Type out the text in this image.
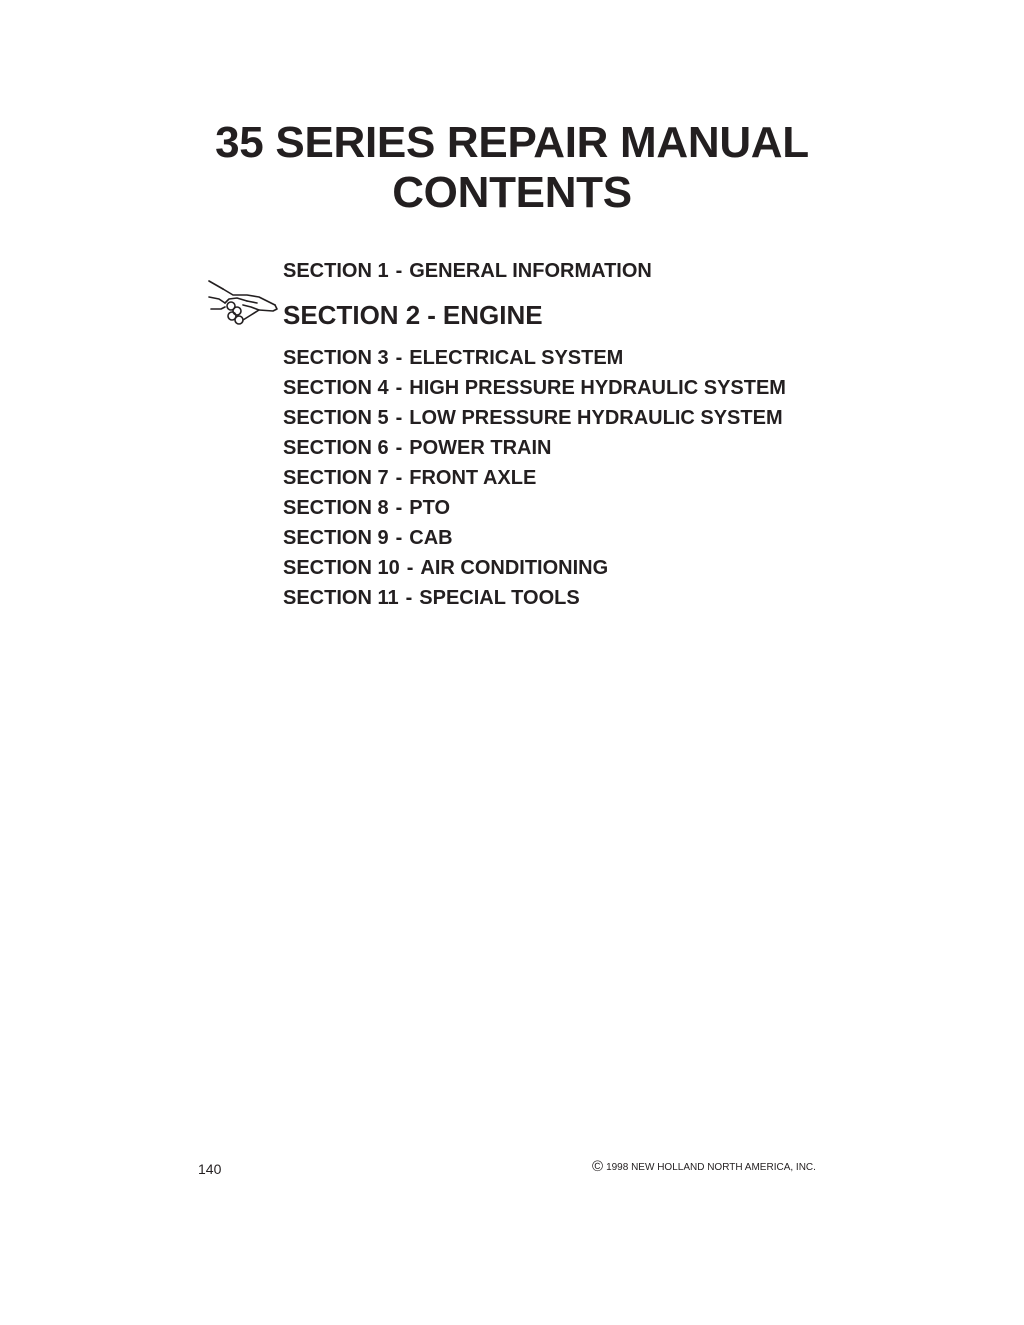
35 SERIES REPAIR MANUAL
CONTENTS
SECTION 1 - GENERAL INFORMATION
SECTION 2 - ENGINE
SECTION 3 - ELECTRICAL SYSTEM
SECTION 4 - HIGH PRESSURE HYDRAULIC SYSTEM
SECTION 5 - LOW PRESSURE HYDRAULIC SYSTEM
SECTION 6 - POWER TRAIN
SECTION 7 - FRONT AXLE
SECTION 8 - PTO
SECTION 9 - CAB
SECTION 10 - AIR CONDITIONING
SECTION 11 - SPECIAL TOOLS
140	© 1998 NEW HOLLAND NORTH AMERICA, INC.
